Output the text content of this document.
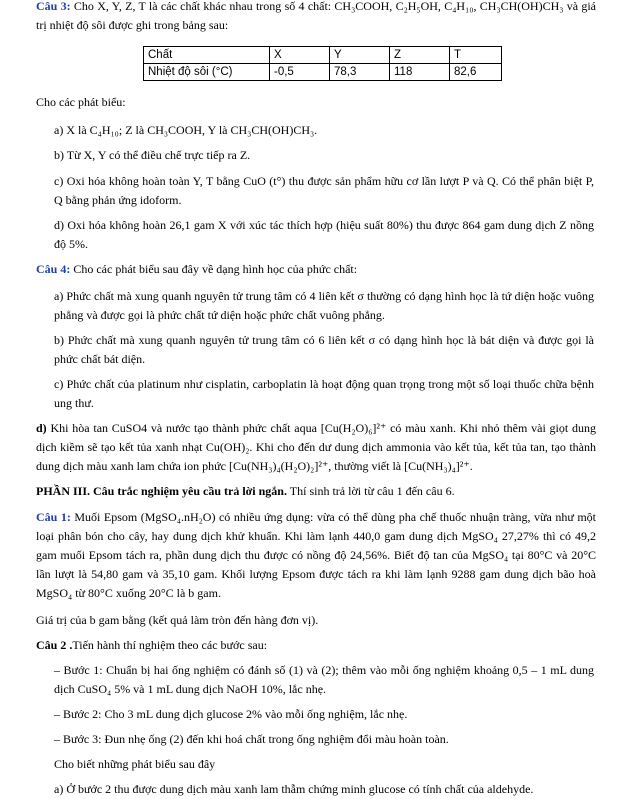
Câu 3: Cho X, Y, Z, T là các chất khác nhau trong số 4 chất: CH₃COOH, C₂H₅OH, C₄H₁₀, CH₃CH(OH)CH₃ và giá trị nhiệt độ sôi được ghi trong bảng sau:

Chất	X	Y	Z	T
Nhiệt độ sôi (°C)	-0,5	78,3	118	82,6

Cho các phát biểu:

a) X là C₄H₁₀; Z là CH₃COOH, Y là CH₃CH(OH)CH₃.

b) Từ X, Y có thể điều chế trực tiếp ra Z.

c) Oxi hóa không hoàn toàn Y, T bằng CuO (t°) thu được sản phẩm hữu cơ lần lượt P và Q. Có thể phân biệt P, Q bằng phản ứng idoform.

d) Oxi hóa không hoàn 26,1 gam X với xúc tác thích hợp (hiệu suất 80%) thu được 864 gam dung dịch Z nồng độ 5%.

Câu 4: Cho các phát biểu sau đây về dạng hình học của phức chất:

a) Phức chất mà xung quanh nguyên tử trung tâm có 4 liên kết σ thường có dạng hình học là tứ diện hoặc vuông phẳng và được gọi là phức chất tứ diện hoặc phức chất vuông phẳng.

b) Phức chất mà xung quanh nguyên tử trung tâm có 6 liên kết σ có dạng hình học là bát diện và được gọi là phức chất bát diện.

c) Phức chất của platinum như cisplatin, carboplatin là hoạt động quan trọng trong một số loại thuốc chữa bệnh ung thư.

d) Khi hòa tan CuSO4 và nước tạo thành phức chất aqua [Cu(H₂O)₆]²⁺ có màu xanh. Khi nhỏ thêm vài giọt dung dịch kiềm sẽ tạo kết tủa xanh nhạt Cu(OH)₂. Khi cho đến dư dung dịch ammonia vào kết tủa, kết tủa tan, tạo thành dung dịch màu xanh lam chứa ion phức [Cu(NH₃)₄(H₂O)₂]²⁺, thường viết là [Cu(NH₃)₄]²⁺.

PHẦN III. Câu trắc nghiệm yêu cầu trả lời ngắn. Thí sinh trả lời từ câu 1 đến câu 6.

Câu 1: Muối Epsom (MgSO₄.nH₂O) có nhiều ứng dụng: vừa có thể dùng pha chế thuốc nhuận tràng, vừa như một loại phân bón cho cây, hay dung dịch khử khuẩn. Khi làm lạnh 440,0 gam dung dịch MgSO₄ 27,27% thì có 49,2 gam muối Epsom tách ra, phần dung dịch thu được có nồng độ 24,56%. Biết độ tan của MgSO₄ tại 80°C và 20°C lần lượt là 54,80 gam và 35,10 gam. Khối lượng Epsom được tách ra khi làm lạnh 9288 gam dung dịch bão hoà MgSO₄ từ 80°C xuống 20°C là b gam.

Giá trị của b gam bằng (kết quả làm tròn đến hàng đơn vị).

Câu 2 .Tiến hành thí nghiệm theo các bước sau:

– Bước 1: Chuẩn bị hai ống nghiệm có đánh số (1) và (2); thêm vào mỗi ống nghiệm khoảng 0,5 – 1 mL dung dịch CuSO₄ 5% và 1 mL dung dịch NaOH 10%, lắc nhẹ.

– Bước 2: Cho 3 mL dung dịch glucose 2% vào mỗi ống nghiệm, lắc nhẹ.

– Bước 3: Đun nhẹ ống (2) đến khi hoá chất trong ống nghiệm đổi màu hoàn toàn.

Cho biết những phát biểu sau đây

a) Ở bước 2 thu được dung dịch màu xanh lam thẫm chứng minh glucose có tính chất của aldehyde.
